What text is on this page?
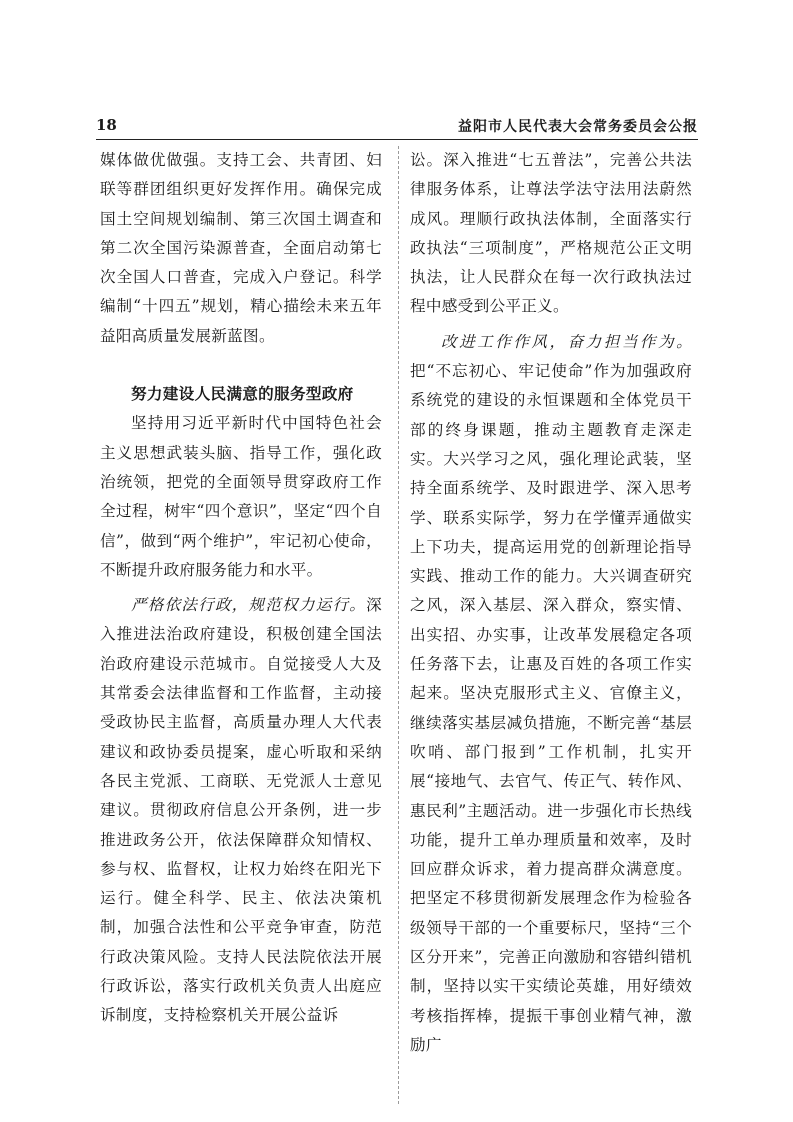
18	益阳市人民代表大会常务委员会公报

媒体做优做强。支持工会、共青团、妇联等群团组织更好发挥作用。确保完成国土空间规划编制、第三次国土调查和第二次全国污染源普查，全面启动第七次全国人口普查，完成入户登记。科学编制“十四五”规划，精心描绘未来五年益阳高质量发展新蓝图。

努力建设人民满意的服务型政府

坚持用习近平新时代中国特色社会主义思想武装头脑、指导工作，强化政治统领，把党的全面领导贯穿政府工作全过程，树牢“四个意识”，坚定“四个自信”，做到“两个维护”，牢记初心使命，不断提升政府服务能力和水平。

严格依法行政，规范权力运行。深入推进法治政府建设，积极创建全国法治政府建设示范城市。自觉接受人大及其常委会法律监督和工作监督，主动接受政协民主监督，高质量办理人大代表建议和政协委员提案，虚心听取和采纳各民主党派、工商联、无党派人士意见建议。贯彻政府信息公开条例，进一步推进政务公开，依法保障群众知情权、参与权、监督权，让权力始终在阳光下运行。健全科学、民主、依法决策机制，加强合法性和公平竞争审查，防范行政决策风险。支持人民法院依法开展行政诉讼，落实行政机关负责人出庭应诉制度，支持检察机关开展公益诉

讼。深入推进“七五普法”，完善公共法律服务体系，让尊法学法守法用法蔚然成风。理顺行政执法体制，全面落实行政执法“三项制度”，严格规范公正文明执法，让人民群众在每一次行政执法过程中感受到公平正义。

改进工作作风，奋力担当作为。把“不忘初心、牢记使命”作为加强政府系统党的建设的永恒课题和全体党员干部的终身课题，推动主题教育走深走实。大兴学习之风，强化理论武装，坚持全面系统学、及时跟进学、深入思考学、联系实际学，努力在学懂弄通做实上下功夫，提高运用党的创新理论指导实践、推动工作的能力。大兴调查研究之风，深入基层、深入群众，察实情、出实招、办实事，让改革发展稳定各项任务落下去，让惠及百姓的各项工作实起来。坚决克服形式主义、官僚主义，继续落实基层减负措施，不断完善“基层吹哨、部门报到”工作机制，扎实开展“接地气、去官气、传正气、转作风、惠民利”主题活动。进一步强化市长热线功能，提升工单办理质量和效率，及时回应群众诉求，着力提高群众满意度。把坚定不移贯彻新发展理念作为检验各级领导干部的一个重要标尺，坚持“三个区分开来”，完善正向激励和容错纠错机制，坚持以实干实绩论英雄，用好绩效考核指挥棒，提振干事创业精气神，激励广
